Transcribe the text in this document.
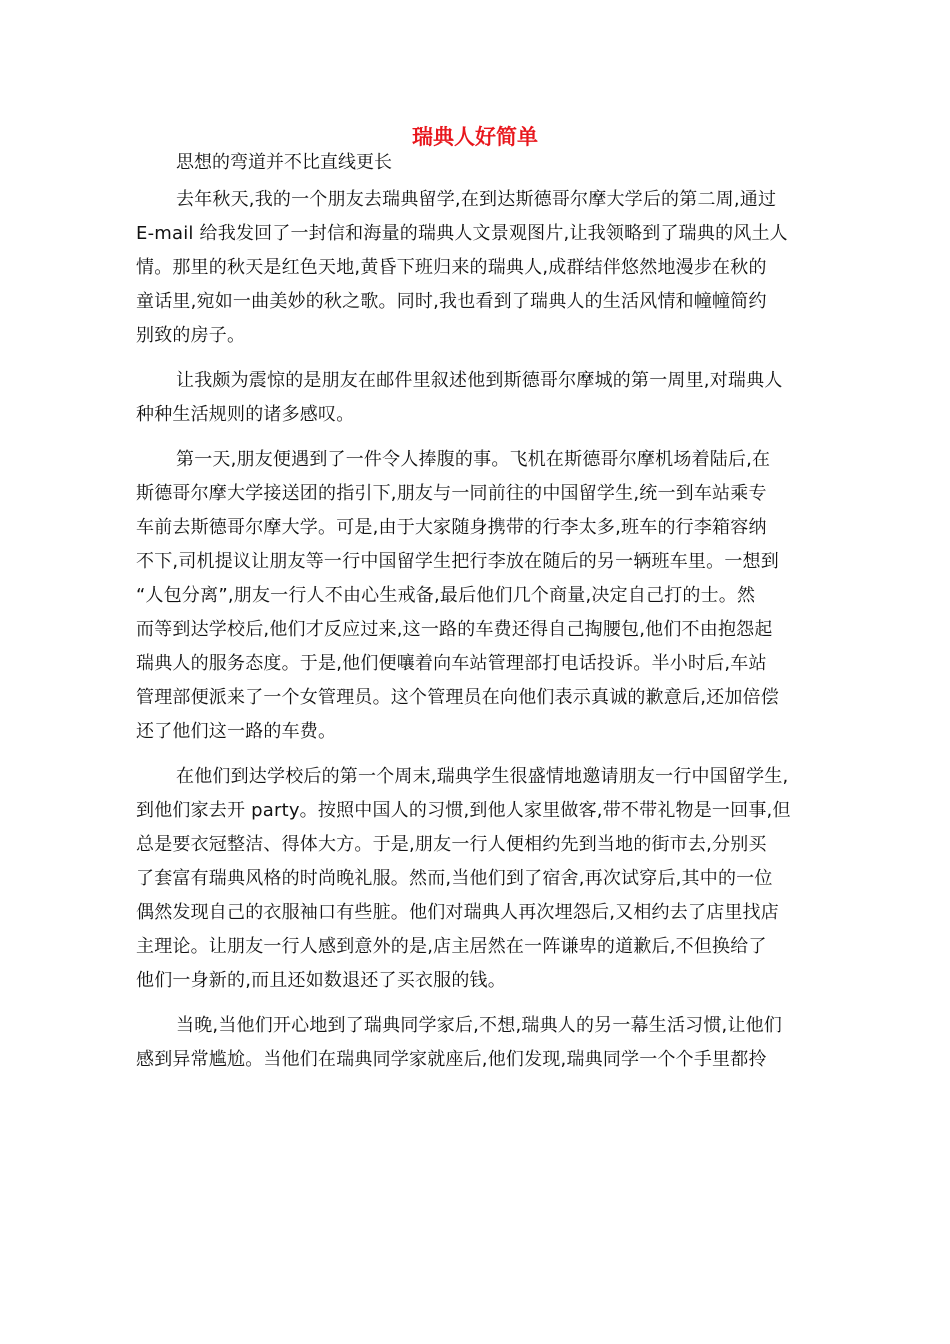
瑞典人好简单
思想的弯道并不比直线更长

去年秋天,我的一个朋友去瑞典留学,在到达斯德哥尔摩大学后的第二周,通过
E-mail 给我发回了一封信和海量的瑞典人文景观图片,让我领略到了瑞典的风土人
情。那里的秋天是红色天地,黄昏下班归来的瑞典人,成群结伴悠然地漫步在秋的
童话里,宛如一曲美妙的秋之歌。同时,我也看到了瑞典人的生活风情和幢幢简约
别致的房子。

让我颇为震惊的是朋友在邮件里叙述他到斯德哥尔摩城的第一周里,对瑞典人
种种生活规则的诸多感叹。

第一天,朋友便遇到了一件令人捧腹的事。飞机在斯德哥尔摩机场着陆后,在
斯德哥尔摩大学接送团的指引下,朋友与一同前往的中国留学生,统一到车站乘专
车前去斯德哥尔摩大学。可是,由于大家随身携带的行李太多,班车的行李箱容纳
不下,司机提议让朋友等一行中国留学生把行李放在随后的另一辆班车里。一想到
“人包分离”,朋友一行人不由心生戒备,最后他们几个商量,决定自己打的士。然
而等到达学校后,他们才反应过来,这一路的车费还得自己掏腰包,他们不由抱怨起
瑞典人的服务态度。于是,他们便嚷着向车站管理部打电话投诉。半小时后,车站
管理部便派来了一个女管理员。这个管理员在向他们表示真诚的歉意后,还加倍偿
还了他们这一路的车费。

在他们到达学校后的第一个周末,瑞典学生很盛情地邀请朋友一行中国留学生,
到他们家去开 party。按照中国人的习惯,到他人家里做客,带不带礼物是一回事,但
总是要衣冠整洁、得体大方。于是,朋友一行人便相约先到当地的街市去,分别买
了套富有瑞典风格的时尚晚礼服。然而,当他们到了宿舍,再次试穿后,其中的一位
偶然发现自己的衣服袖口有些脏。他们对瑞典人再次埋怨后,又相约去了店里找店
主理论。让朋友一行人感到意外的是,店主居然在一阵谦卑的道歉后,不但换给了
他们一身新的,而且还如数退还了买衣服的钱。

当晚,当他们开心地到了瑞典同学家后,不想,瑞典人的另一幕生活习惯,让他们
感到异常尴尬。当他们在瑞典同学家就座后,他们发现,瑞典同学一个个手里都拎
